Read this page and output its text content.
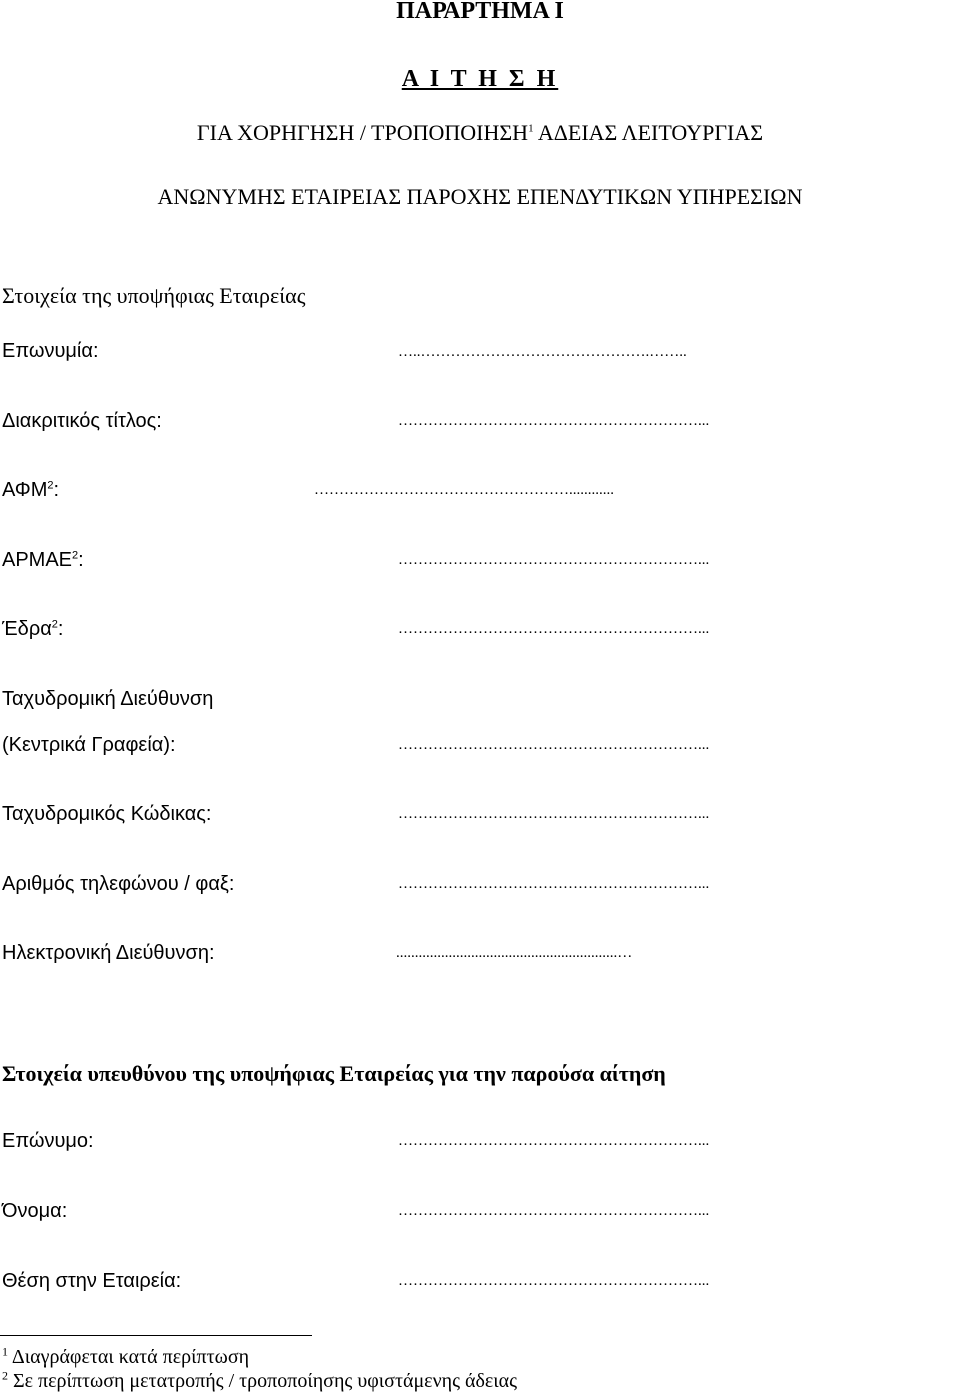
ΠΑΡΑΡΤΗΜΑ Ι
Α Ι Τ Η Σ Η
ΓΙΑ ΧΟΡΗΓΗΣΗ / ΤΡΟΠΟΠΟΙΗΣΗ$^1$ ΑΔΕΙΑΣ ΛΕΙΤΟΥΡΓΙΑΣ
ΑΝΩΝΥΜΗΣ ΕΤΑΙΡΕΙΑΣ ΠΑΡΟΧΗΣ ΕΠΕΝΔΥΤΙΚΩΝ ΥΠΗΡΕΣΙΩΝ
Στοιχεία της υποψήφιας Εταιρείας
Επωνυμία:	…..……………………………………….……..
Διακριτικός τίτλος:	……………………………………………………...
ΑΦΜ$^2$:	……………………………………………............
ΑΡΜΑΕ$^2$:	……………………………………………………...
Έδρα$^2$:	……………………………………………………...
Ταχυδρομική Διεύθυνση
(Κεντρικά Γραφεία):	……………………………………………………...
Ταχυδρομικός Κώδικας:	……………………………………………………...
Αριθμός τηλεφώνου / φαξ:	……………………………………………………...
Ηλεκτρονική Διεύθυνση:	...........................................................…
Στοιχεία υπευθύνου της υποψήφιας Εταιρείας για την παρούσα αίτηση
Επώνυμο:	……………………………………………………...
Όνομα:	……………………………………………………...
Θέση στην Εταιρεία:	……………………………………………………...
$^1$ Διαγράφεται κατά περίπτωση
$^2$ Σε περίπτωση μετατροπής / τροποποίησης υφιστάμενης άδειας
